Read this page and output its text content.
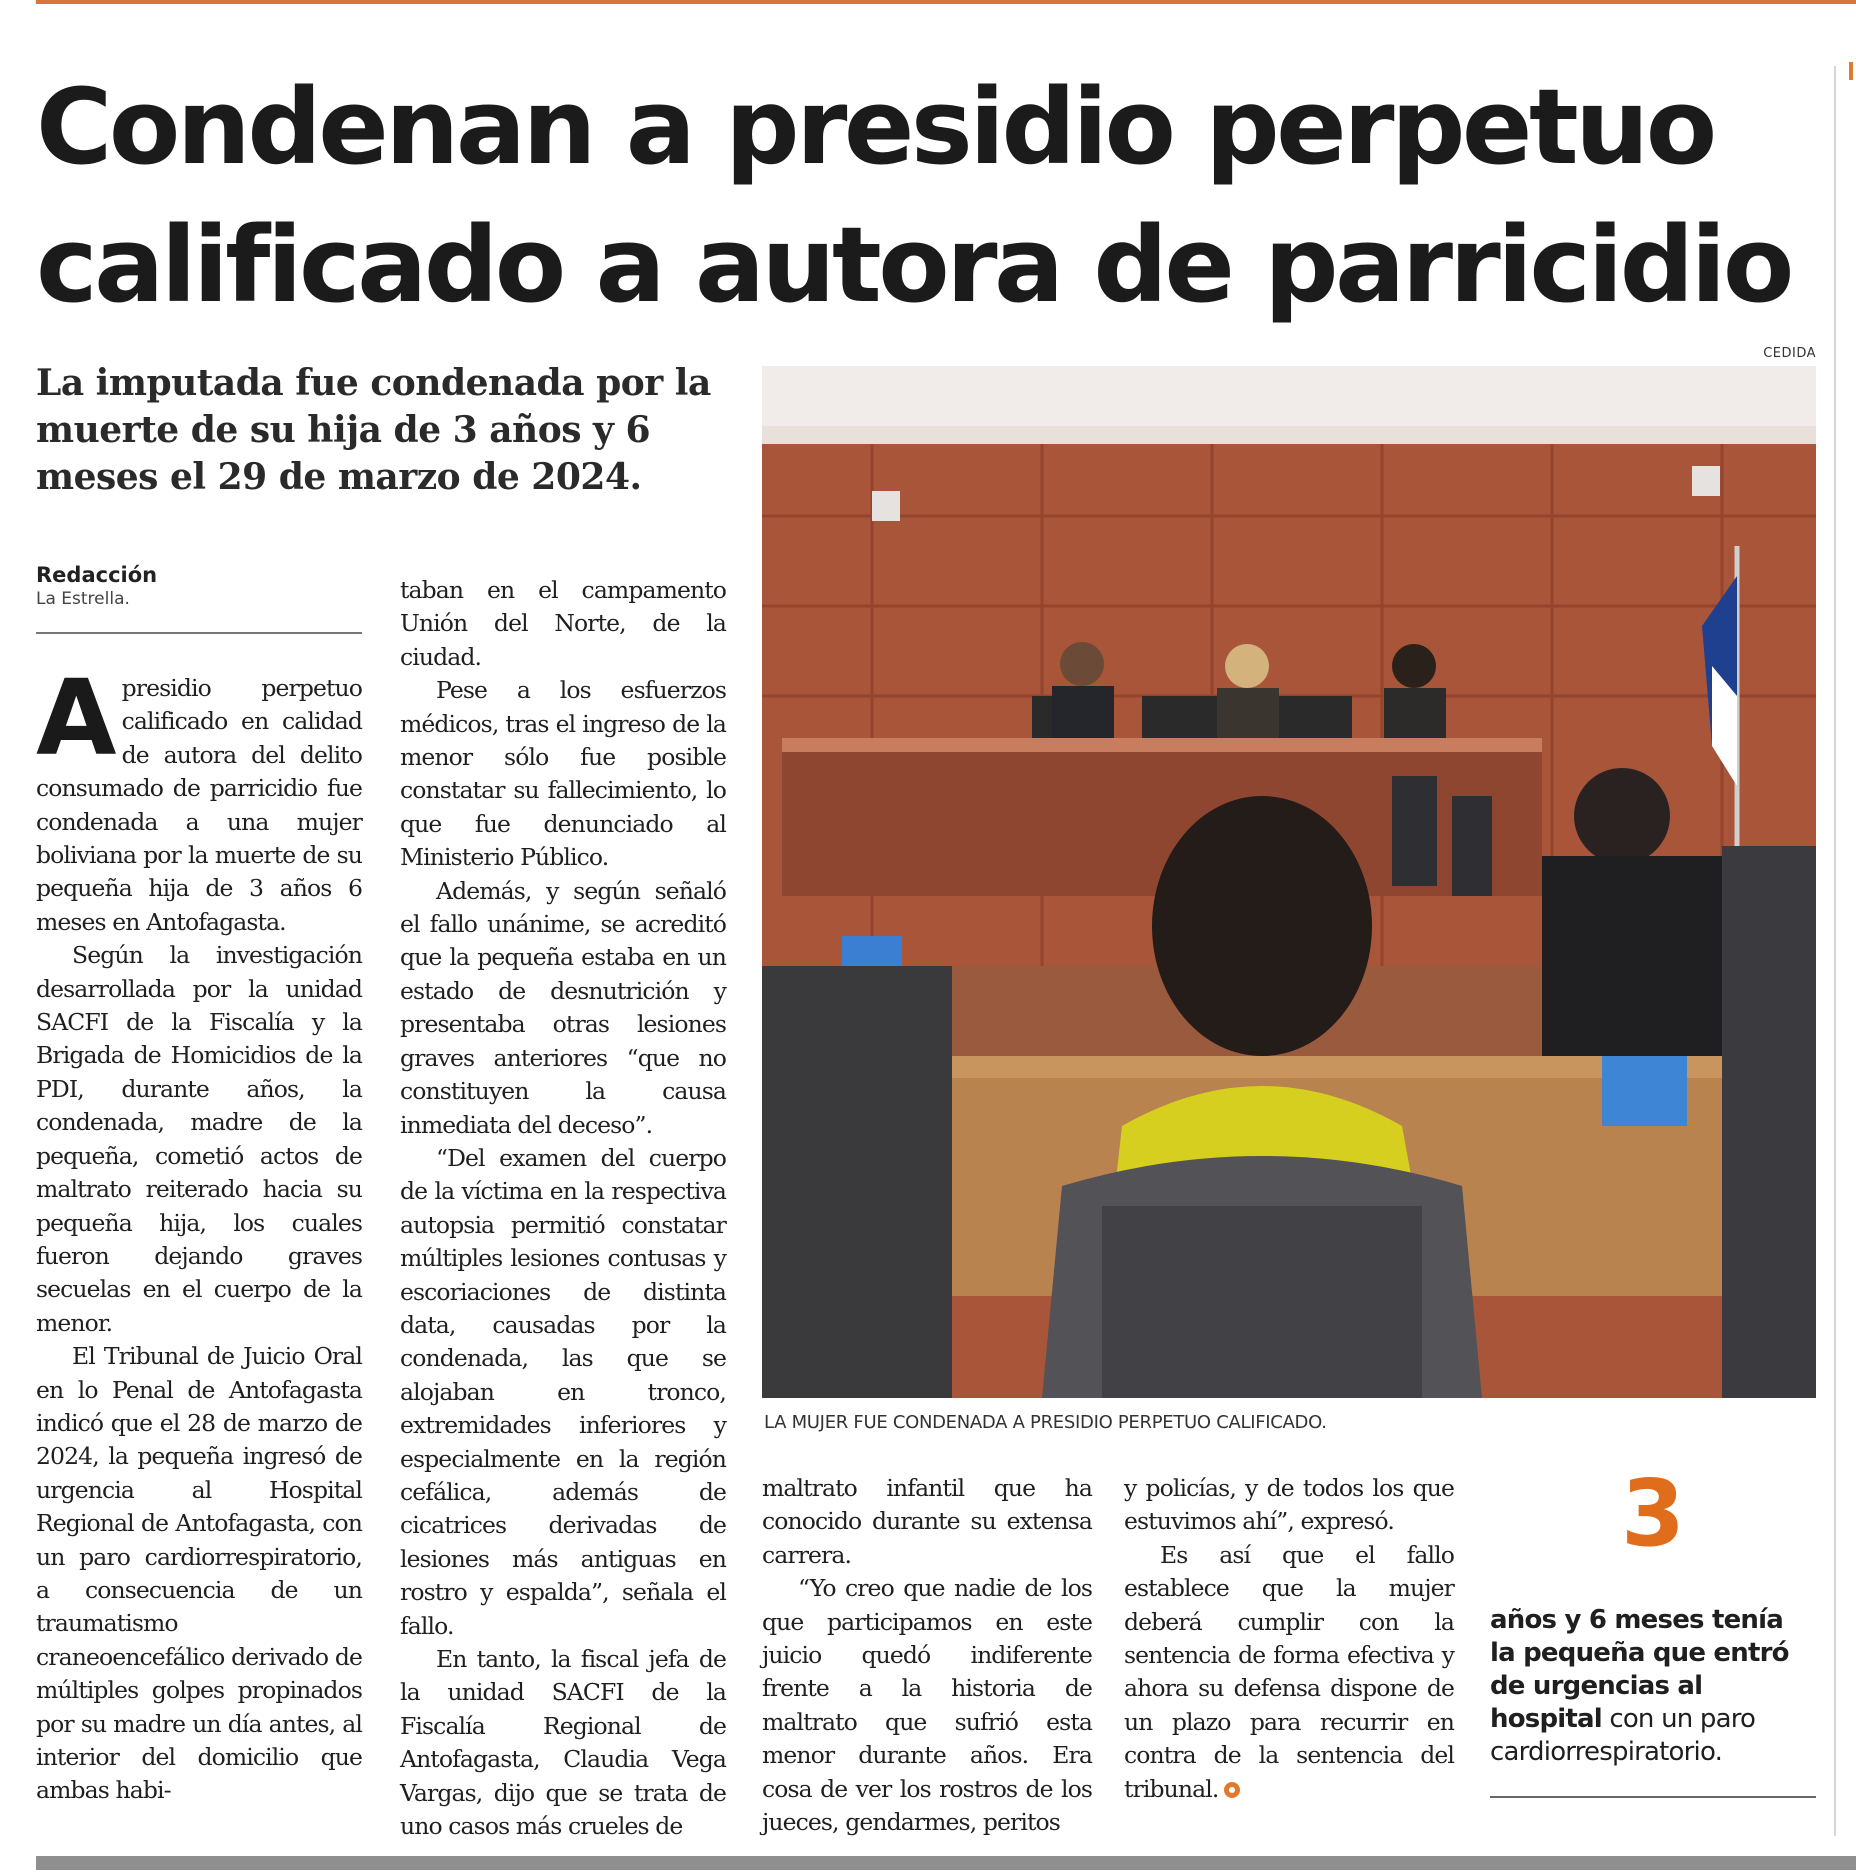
Condenan a presidio perpetuo
calificado a autora de parricidio

La imputada fue condenada por la muerte de su hija de 3 años y 6 meses el 29 de marzo de 2024.

Redacción
La Estrella.

Apresidio perpetuo calificado en calidad de autora del delito consumado de parricidio fue condenada a una mujer boliviana por la muerte de su pequeña hija de 3 años 6 meses en Antofagasta.

Según la investigación desarrollada por la unidad SACFI de la Fiscalía y la Brigada de Homicidios de la PDI, durante años, la condenada, madre de la pequeña, cometió actos de maltrato reiterado hacia su pequeña hija, los cuales fueron dejando graves secuelas en el cuerpo de la menor.

El Tribunal de Juicio Oral en lo Penal de Antofagasta indicó que el 28 de marzo de 2024, la pequeña ingresó de urgencia al Hospital Regional de Antofagasta, con un paro cardiorrespiratorio, a consecuencia de un traumatismo craneoencefálico derivado de múltiples golpes propinados por su madre un día antes, al interior del domicilio que ambas habi-

taban en el campamento Unión del Norte, de la ciudad.

Pese a los esfuerzos médicos, tras el ingreso de la menor sólo fue posible constatar su fallecimiento, lo que fue denunciado al Ministerio Público.

Además, y según señaló el fallo unánime, se acreditó que la pequeña estaba en un estado de desnutrición y presentaba otras lesiones graves anteriores “que no constituyen la causa inmediata del deceso”.

“Del examen del cuerpo de la víctima en la respectiva autopsia permitió constatar múltiples lesiones contusas y escoriaciones de distinta data, causadas por la condenada, las que se alojaban en tronco, extremidades inferiores y especialmente en la región cefálica, además de cicatrices derivadas de lesiones más antiguas en rostro y espalda”, señala el fallo.

En tanto, la fiscal jefa de la unidad SACFI de la Fiscalía Regional de Antofagasta, Claudia Vega Vargas, dijo que se trata de uno casos más crueles de

CEDIDA
LA MUJER FUE CONDENADA A PRESIDIO PERPETUO CALIFICADO.

maltrato infantil que ha conocido durante su extensa carrera.

“Yo creo que nadie de los que participamos en este juicio quedó indiferente frente a la historia de maltrato que sufrió esta menor durante años. Era cosa de ver los rostros de los jueces, gendarmes, peritos

y policías, y de todos los que estuvimos ahí”, expresó.

Es así que el fallo establece que la mujer deberá cumplir con la sentencia de forma efectiva y ahora su defensa dispone de un plazo para recurrir en contra de la sentencia del tribunal.

3
años y 6 meses tenía la pequeña que entró de urgencias al hospital con un paro cardiorrespiratorio.
